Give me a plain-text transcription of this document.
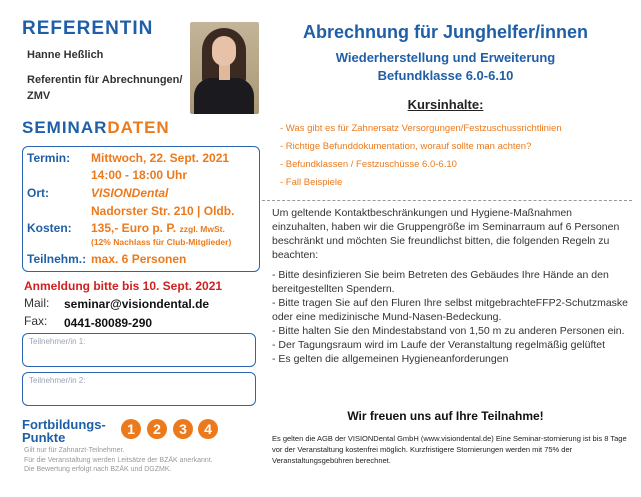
REFERENTIN
Hanne Heßlich
Referentin für Abrechnungen/
ZMV
SEMINARDATEN
Termin: Mittwoch, 22. Sept. 2021
14:00 - 18:00 Uhr
Ort:	VISIONDental
Nadorster Str. 210 | Oldb.
Kosten: 135,- Euro p. P. zzgl. MwSt.
(12% Nachlass für Club-Mitglieder)
Teilnehm.: max. 6 Personen
Anmeldung bitte bis 10. Sept. 2021
Mail: seminar@visiondental.de
Fax: 0441-80089-290
Teilnehmer/in 1:
Teilnehmer/in 2:
Fortbildungs-
Punkte
1	2	3	4
Gilt nur für Zahnarzt-Teilnehmer.
Für die Veranstaltung werden Leitsätze der BZÄK anerkannt.
Die Bewertung erfolgt nach BZÄK und DGZMK.
Abrechnung für Junghelfer/innen
Wiederherstellung und Erweiterung
Befundklasse 6.0-6.10
Kursinhalte:
- Was gibt es für Zahnersatz Versorgungen/Festzuschussrichtlinien
- Richtige Befunddokumentation, worauf sollte man achten?
- Befundklassen / Festzuschüsse 6.0-6.10
- Fall Beispiele
Um geltende Kontaktbeschränkungen und Hygiene-Maßnahmen einzuhalten, haben wir die Gruppengröße im Seminarraum auf 6 Personen beschränkt und möchten Sie freundlichst bitten, die folgenden Regeln zu beachten:
- Bitte desinfizieren Sie beim Betreten des Gebäudes Ihre Hände an den bereitgestellten Spendern.
- Bitte tragen Sie auf den Fluren Ihre selbst mitgebrachteFFP2-Schutzmaske oder eine medizinische Mund-Nasen-Bedeckung.
- Bitte halten Sie den Mindestabstand von 1,50 m zu anderen Personen ein.
- Der Tagungsraum wird im Laufe der Veranstaltung regelmäßig gelüftet
- Es gelten die allgemeinen Hygieneanforderungen
Wir freuen uns auf Ihre Teilnahme!
Es gelten die AGB der VISIONDental GmbH (www.visiondental.de) Eine Seminar-stornierung ist bis 8 Tage vor der Veranstaltung kostenfrei möglich. Kurzfristigere Stornierungen werden mit 75% der Veranstaltungsgebühren berechnet.
